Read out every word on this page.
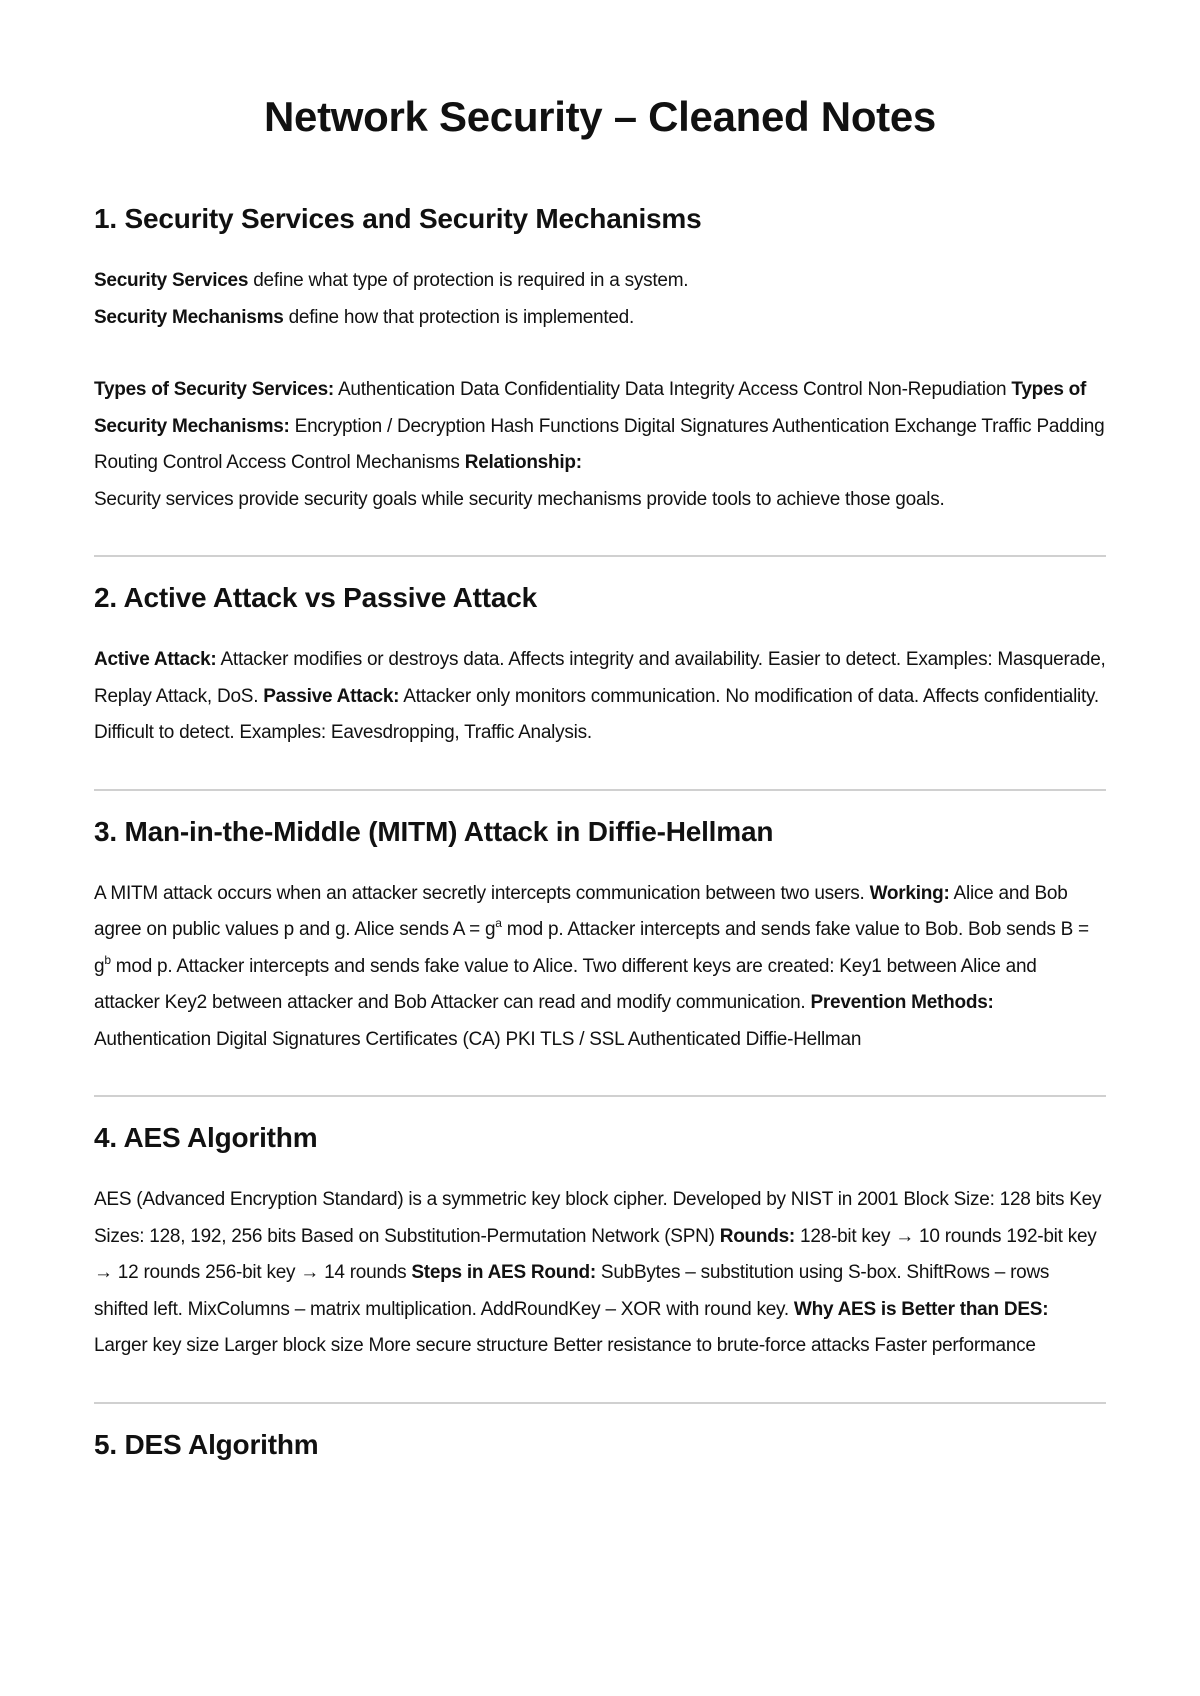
Network Security – Cleaned Notes
1. Security Services and Security Mechanisms

Security Services define what type of protection is required in a system.
Security Mechanisms define how that protection is implemented.

Types of Security Services: Authentication Data Confidentiality Data Integrity Access Control Non-Repudiation Types of Security Mechanisms: Encryption / Decryption Hash Functions Digital Signatures Authentication Exchange Traffic Padding Routing Control Access Control Mechanisms Relationship:
Security services provide security goals while security mechanisms provide tools to achieve those goals.

2. Active Attack vs Passive Attack

Active Attack: Attacker modifies or destroys data. Affects integrity and availability. Easier to detect. Examples: Masquerade, Replay Attack, DoS. Passive Attack: Attacker only monitors communication. No modification of data. Affects confidentiality. Difficult to detect. Examples: Eavesdropping, Traffic Analysis.

3. Man-in-the-Middle (MITM) Attack in Diffie-Hellman

A MITM attack occurs when an attacker secretly intercepts communication between two users. Working: Alice and Bob agree on public values p and g. Alice sends $A = g^a$ mod p. Attacker intercepts and sends fake value to Bob. Bob sends $B = g^b$ mod p. Attacker intercepts and sends fake value to Alice. Two different keys are created: Key1 between Alice and attacker Key2 between attacker and Bob Attacker can read and modify communication. Prevention Methods: Authentication Digital Signatures Certificates (CA) PKI TLS / SSL Authenticated Diffie-Hellman

4. AES Algorithm

AES (Advanced Encryption Standard) is a symmetric key block cipher. Developed by NIST in 2001 Block Size: 128 bits Key Sizes: 128, 192, 256 bits Based on Substitution-Permutation Network (SPN) Rounds: 128-bit key → 10 rounds 192-bit key → 12 rounds 256-bit key → 14 rounds Steps in AES Round: SubBytes – substitution using S-box. ShiftRows – rows shifted left. MixColumns – matrix multiplication. AddRoundKey – XOR with round key. Why AES is Better than DES: Larger key size Larger block size More secure structure Better resistance to brute-force attacks Faster performance

5. DES Algorithm
